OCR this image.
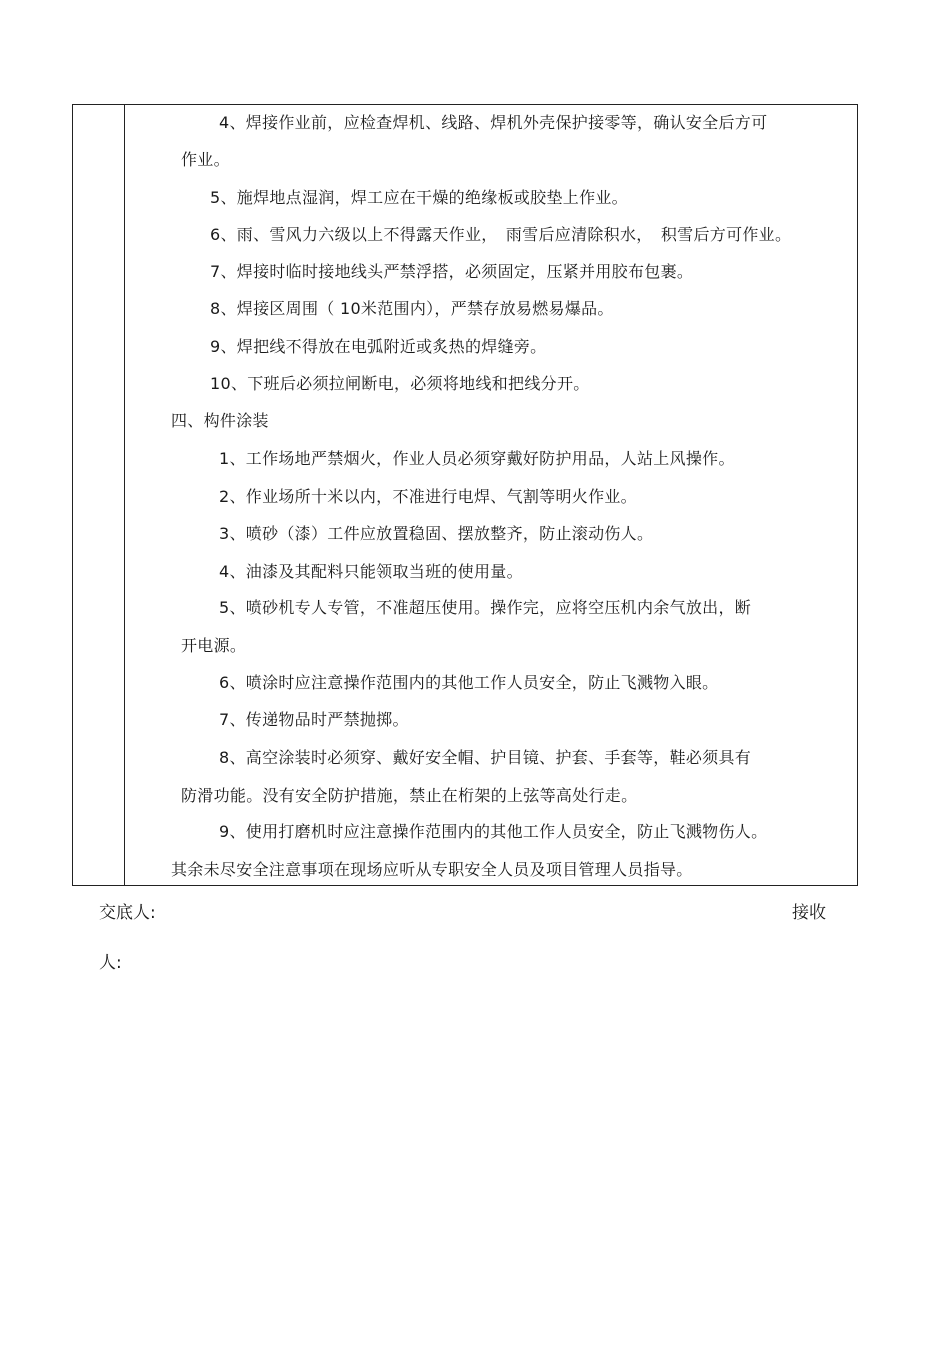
4、焊接作业前，应检查焊机、线路、焊机外壳保护接零等，确认安全后方可
作业。
5、施焊地点湿润，焊工应在干燥的绝缘板或胶垫上作业。
6、雨、雪风力六级以上不得露天作业，　雨雪后应清除积水，　积雪后方可作业。
7、焊接时临时接地线头严禁浮搭，必须固定，压紧并用胶布包裹。
8、焊接区周围（ 10米范围内），严禁存放易燃易爆品。
9、焊把线不得放在电弧附近或炙热的焊缝旁。
10、下班后必须拉闸断电，必须将地线和把线分开。
四、构件涂装
1、工作场地严禁烟火，作业人员必须穿戴好防护用品，人站上风操作。
2、作业场所十米以内，不准进行电焊、气割等明火作业。
3、喷砂（漆）工件应放置稳固、摆放整齐，防止滚动伤人。
4、油漆及其配料只能领取当班的使用量。
5、喷砂机专人专管，不准超压使用。操作完，应将空压机内余气放出，断
开电源。
6、喷涂时应注意操作范围内的其他工作人员安全，防止飞溅物入眼。
7、传递物品时严禁抛掷。
8、高空涂装时必须穿、戴好安全帽、护目镜、护套、手套等，鞋必须具有
防滑功能。没有安全防护措施，禁止在桁架的上弦等高处行走。
9、使用打磨机时应注意操作范围内的其他工作人员安全，防止飞溅物伤人。
其余未尽安全注意事项在现场应听从专职安全人员及项目管理人员指导。
交底人:	接收
人:
